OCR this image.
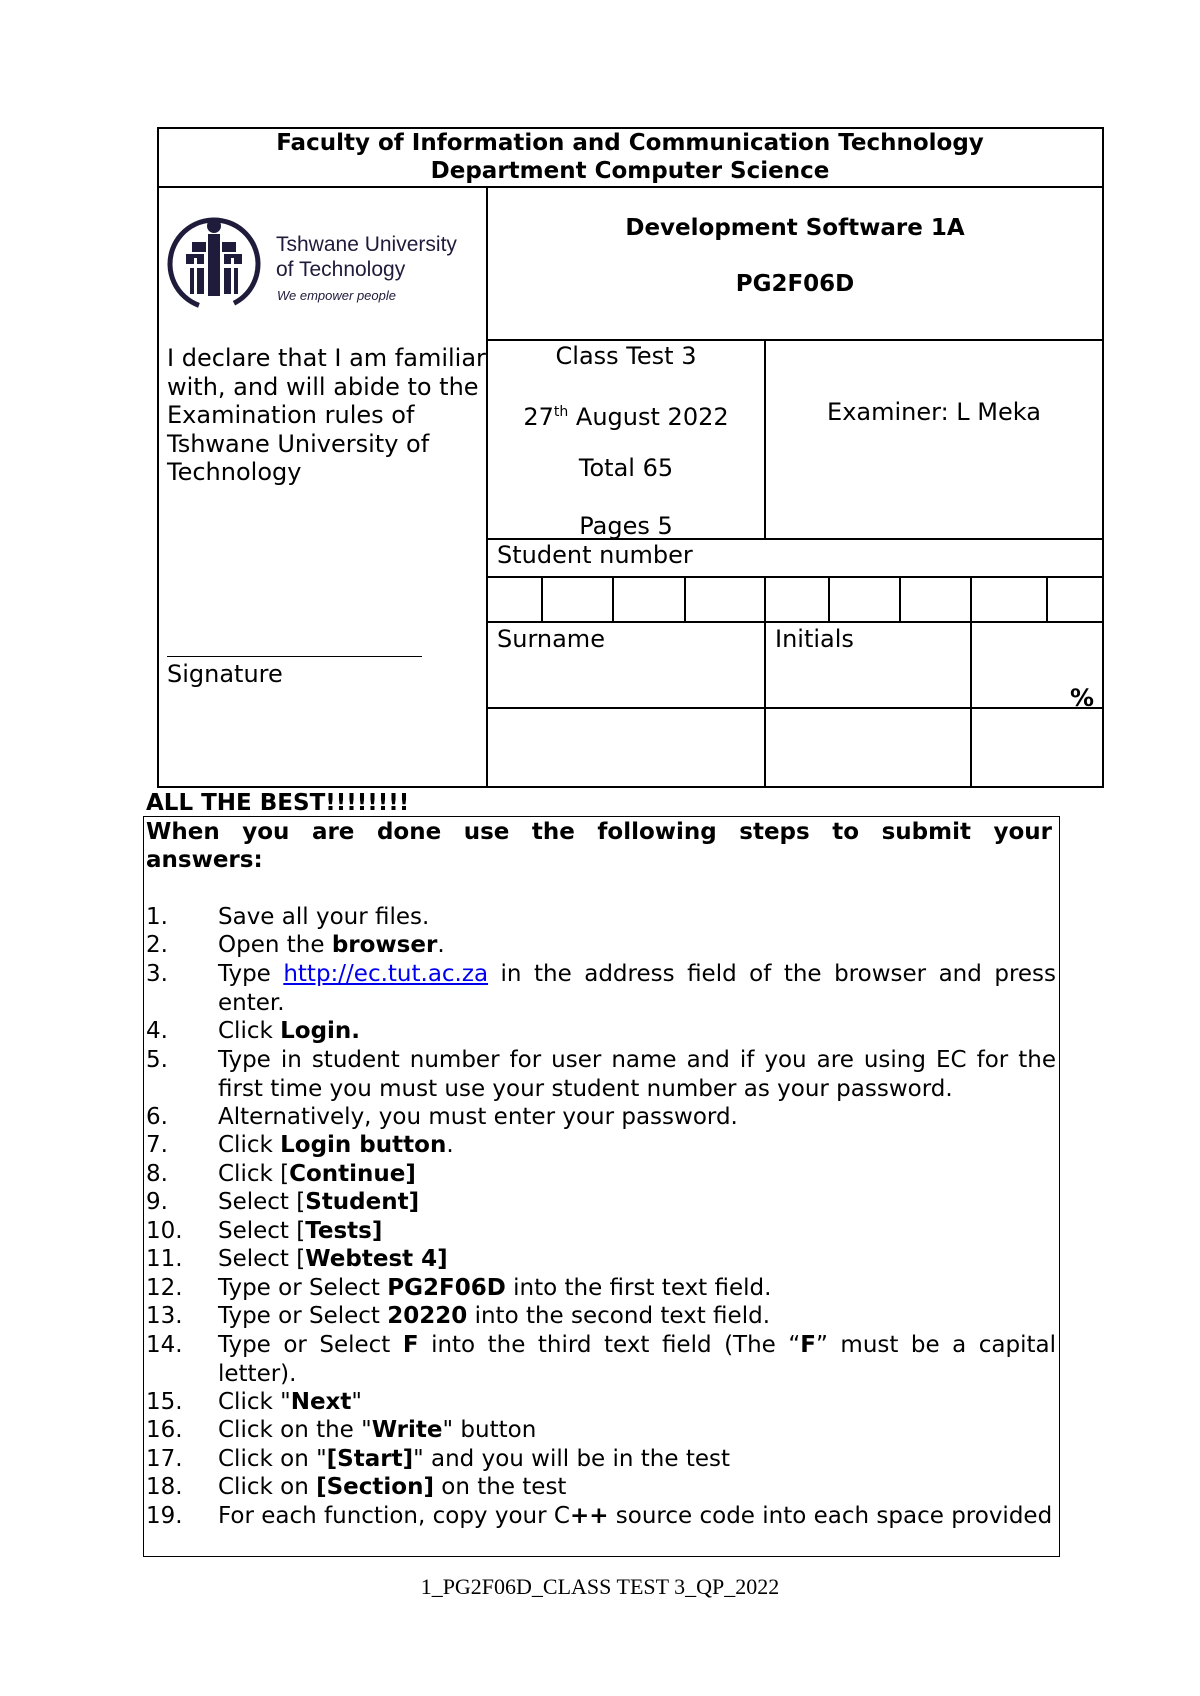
Faculty of Information and Communication Technology
Department Computer Science
Tshwane University
of Technology
We empower people
I declare that I am familiar with, and will abide to the Examination rules of Tshwane University of Technology
Signature
Development Software 1A
PG2F06D
Class Test 3
27th August 2022
Total 65
Pages 5
Examiner: L Meka
Student number
Surname	Initials
%
ALL THE BEST!!!!!!!!
When you are done use the following steps to submit your
answers:
1.	Save all your files.
2.	Open the browser.
3.	Type http://ec.tut.ac.za in the address field of the browser and press enter.
4.	Click Login.
5.	Type in student number for user name and if you are using EC for the first time you must use your student number as your password.
6.	Alternatively, you must enter your password.
7.	Click Login button.
8.	Click [Continue]
9.	Select [Student]
10.	Select [Tests]
11.	Select [Webtest 4]
12.	Type or Select PG2F06D into the first text field.
13.	Type or Select 20220 into the second text field.
14.	Type or Select F into the third text field (The “F” must be a capital letter).
15.	Click "Next"
16.	Click on the "Write" button
17.	Click on "[Start]" and you will be in the test
18.	Click on [Section] on the test
19.	For each function, copy your C++ source code into each space provided
1_PG2F06D_CLASS TEST 3_QP_2022
